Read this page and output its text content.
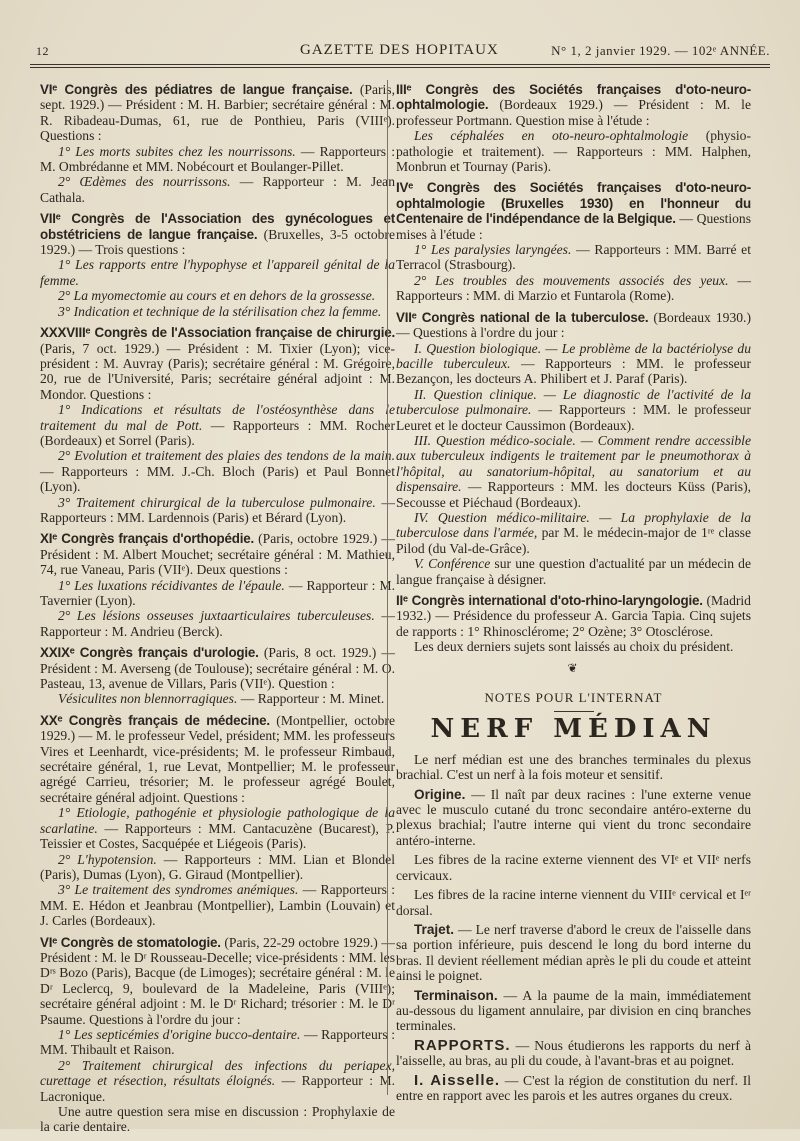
12	GAZETTE DES HOPITAUX	N° 1, 2 janvier 1929. — 102ᵉ ANNÉE.

VIᵉ Congrès des pédiatres de langue française. (Paris, sept. 1929.) — Président : M. H. Barbier; secrétaire général : M. R. Ribadeau-Dumas, 61, rue de Ponthieu, Paris (VIIIᵉ). Questions :

1° Les morts subites chez les nourrissons. — Rapporteurs : M. Ombrédanne et MM. Nobécourt et Boulanger-Pillet.

2° Œdèmes des nourrissons. — Rapporteur : M. Jean Cathala.

VIIᵉ Congrès de l'Association des gynécologues et obstétriciens de langue française. (Bruxelles, 3-5 octobre 1929.) — Trois questions :

1° Les rapports entre l'hypophyse et l'appareil génital de la femme.

2° La myomectomie au cours et en dehors de la grossesse.

3° Indication et technique de la stérilisation chez la femme.

XXXVIIIᵉ Congrès de l'Association française de chirurgie. (Paris, 7 oct. 1929.) — Président : M. Tixier (Lyon); vice-président : M. Auvray (Paris); secrétaire général : M. Grégoire, 20, rue de l'Université, Paris; secrétaire général adjoint : M. Mondor. Questions :

1° Indications et résultats de l'ostéosynthèse dans le traitement du mal de Pott. — Rapporteurs : MM. Rocher (Bordeaux) et Sorrel (Paris).

2° Evolution et traitement des plaies des tendons de la main. — Rapporteurs : MM. J.-Ch. Bloch (Paris) et Paul Bonnet (Lyon).

3° Traitement chirurgical de la tuberculose pulmonaire. — Rapporteurs : MM. Lardennois (Paris) et Bérard (Lyon).

XIᵉ Congrès français d'orthopédie. (Paris, octobre 1929.) — Président : M. Albert Mouchet; secrétaire général : M. Mathieu, 74, rue Vaneau, Paris (VIIᵉ). Deux questions :

1° Les luxations récidivantes de l'épaule. — Rapporteur : M. Tavernier (Lyon).

2° Les lésions osseuses juxtaarticulaires tuberculeuses. — Rapporteur : M. Andrieu (Berck).

XXIXᵉ Congrès français d'urologie. (Paris, 8 oct. 1929.) — Président : M. Averseng (de Toulouse); secrétaire général : M. O. Pasteau, 13, avenue de Villars, Paris (VIIᵉ). Question :

Vésiculites non blennorragiques. — Rapporteur : M. Minet.

XXᵉ Congrès français de médecine. (Montpellier, octobre 1929.) — M. le professeur Vedel, président; MM. les professeurs Vires et Leenhardt, vice-présidents; M. le professeur Rimbaud, secrétaire général, 1, rue Levat, Montpellier; M. le professeur agrégé Carrieu, trésorier; M. le professeur agrégé Boulet, secrétaire général adjoint. Questions :

1° Etiologie, pathogénie et physiologie pathologique de la scarlatine. — Rapporteurs : MM. Cantacuzène (Bucarest), P. Teissier et Costes, Sacquépée et Liégeois (Paris).

2° L'hypotension. — Rapporteurs : MM. Lian et Blondel (Paris), Dumas (Lyon), G. Giraud (Montpellier).

3° Le traitement des syndromes anémiques. — Rapporteurs : MM. E. Hédon et Jeanbrau (Montpellier), Lambin (Louvain) et J. Carles (Bordeaux).

VIᵉ Congrès de stomatologie. (Paris, 22-29 octobre 1929.) — Président : M. le Dʳ Rousseau-Decelle; vice-présidents : MM. les Dʳˢ Bozo (Paris), Bacque (de Limoges); secrétaire général : M. le Dʳ Leclercq, 9, boulevard de la Madeleine, Paris (VIIIᵉ); secrétaire général adjoint : M. le Dʳ Richard; trésorier : M. le Dʳ Psaume. Questions à l'ordre du jour :

1° Les septicémies d'origine bucco-dentaire. — Rapporteurs : MM. Thibault et Raison.

2° Traitement chirurgical des infections du periapex, curettage et résection, résultats éloignés. — Rapporteur : M. Lacronique.

Une autre question sera mise en discussion : Prophylaxie de la carie dentaire.

IIIᵉ Congrès des Sociétés françaises d'oto-neuro-ophtalmologie. (Bordeaux 1929.) — Président : M. le professeur Portmann. Question mise à l'étude :

Les céphalées en oto-neuro-ophtalmologie (physio-pathologie et traitement). — Rapporteurs : MM. Halphen, Monbrun et Tournay (Paris).

IVᵉ Congrès des Sociétés françaises d'oto-neuro-ophtalmologie (Bruxelles 1930) en l'honneur du Centenaire de l'indépendance de la Belgique. — Questions mises à l'étude :

1° Les paralysies laryngées. — Rapporteurs : MM. Barré et Terracol (Strasbourg).

2° Les troubles des mouvements associés des yeux. — Rapporteurs : MM. di Marzio et Funtarola (Rome).

VIIᵉ Congrès national de la tuberculose. (Bordeaux 1930.) — Questions à l'ordre du jour :

I. Question biologique. — Le problème de la bactériolyse du bacille tuberculeux. — Rapporteurs : MM. le professeur Bezançon, les docteurs A. Philibert et J. Paraf (Paris).

II. Question clinique. — Le diagnostic de l'activité de la tuberculose pulmonaire. — Rapporteurs : MM. le professeur Leuret et le docteur Caussimon (Bordeaux).

III. Question médico-sociale. — Comment rendre accessible aux tuberculeux indigents le traitement par le pneumothorax à l'hôpital, au sanatorium-hôpital, au sanatorium et au dispensaire. — Rapporteurs : MM. les docteurs Küss (Paris), Secousse et Piéchaud (Bordeaux).

IV. Question médico-militaire. — La prophylaxie de la tuberculose dans l'armée, par M. le médecin-major de 1ʳᵉ classe Pilod (du Val-de-Grâce).

V. Conférence sur une question d'actualité par un médecin de langue française à désigner.

IIᵉ Congrès international d'oto-rhino-laryngologie. (Madrid 1932.) — Présidence du professeur A. Garcia Tapia. Cinq sujets de rapports : 1° Rhinosclérome; 2° Ozène; 3° Otosclérose.

Les deux derniers sujets sont laissés au choix du président.

❦
NOTES POUR L'INTERNAT
NERF MÉDIAN

Le nerf médian est une des branches terminales du plexus brachial. C'est un nerf à la fois moteur et sensitif.

Origine. — Il naît par deux racines : l'une externe venue avec le musculo cutané du tronc secondaire antéro-externe du plexus brachial; l'autre interne qui vient du tronc secondaire antéro-interne.

Les fibres de la racine externe viennent des VIᵉ et VIIᵉ nerfs cervicaux.

Les fibres de la racine interne viennent du VIIIᵉ cervical et Iᵉʳ dorsal.

Trajet. — Le nerf traverse d'abord le creux de l'aisselle dans sa portion inférieure, puis descend le long du bord interne du bras. Il devient réellement médian après le pli du coude et atteint ainsi le poignet.

Terminaison. — A la paume de la main, immédiatement au-dessous du ligament annulaire, par division en cinq branches terminales.

RAPPORTS. — Nous étudierons les rapports du nerf à l'aisselle, au bras, au pli du coude, à l'avant-bras et au poignet.

I. Aisselle. — C'est la région de constitution du nerf. Il entre en rapport avec les parois et les autres organes du creux.
